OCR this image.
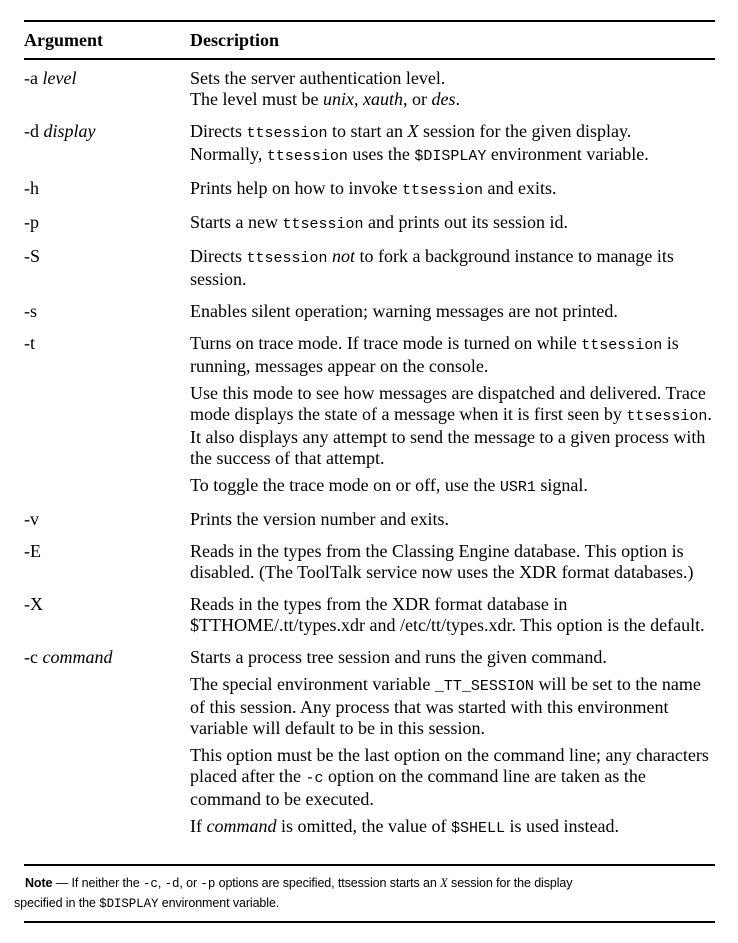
Argument	Description
-a level	Sets the server authentication level.
The level must be unix, xauth, or des.

-d display	Directs ttsession to start an X session for the given display.
Normally, ttsession uses the $DISPLAY environment variable.

-h	Prints help on how to invoke ttsession and exits.

-p	Starts a new ttsession and prints out its session id.

-S	Directs ttsession not to fork a background instance to manage its session.

-s	Enables silent operation; warning messages are not printed.

-t	Turns on trace mode. If trace mode is turned on while ttsession is running, messages appear on the console.

Use this mode to see how messages are dispatched and delivered. Trace mode displays the state of a message when it is first seen by ttsession. It also displays any attempt to send the message to a given process with the success of that attempt.

To toggle the trace mode on or off, use the USR1 signal.

-v	Prints the version number and exits.

-E	Reads in the types from the Classing Engine database. This option is disabled. (The ToolTalk service now uses the XDR format databases.)

-X	Reads in the types from the XDR format database in $TTHOME/.tt/types.xdr and /etc/tt/types.xdr. This option is the default.

-c command	Starts a process tree session and runs the given command.

The special environment variable _TT_SESSION will be set to the name of this session. Any process that was started with this environment variable will default to be in this session.

This option must be the last option on the command line; any characters placed after the -c option on the command line are taken as the command to be executed.

If command is omitted, the value of $SHELL is used instead.

Note — If neither the -c, -d, or -p options are specified, ttsession starts an X session for the display
specified in the $DISPLAY environment variable.
